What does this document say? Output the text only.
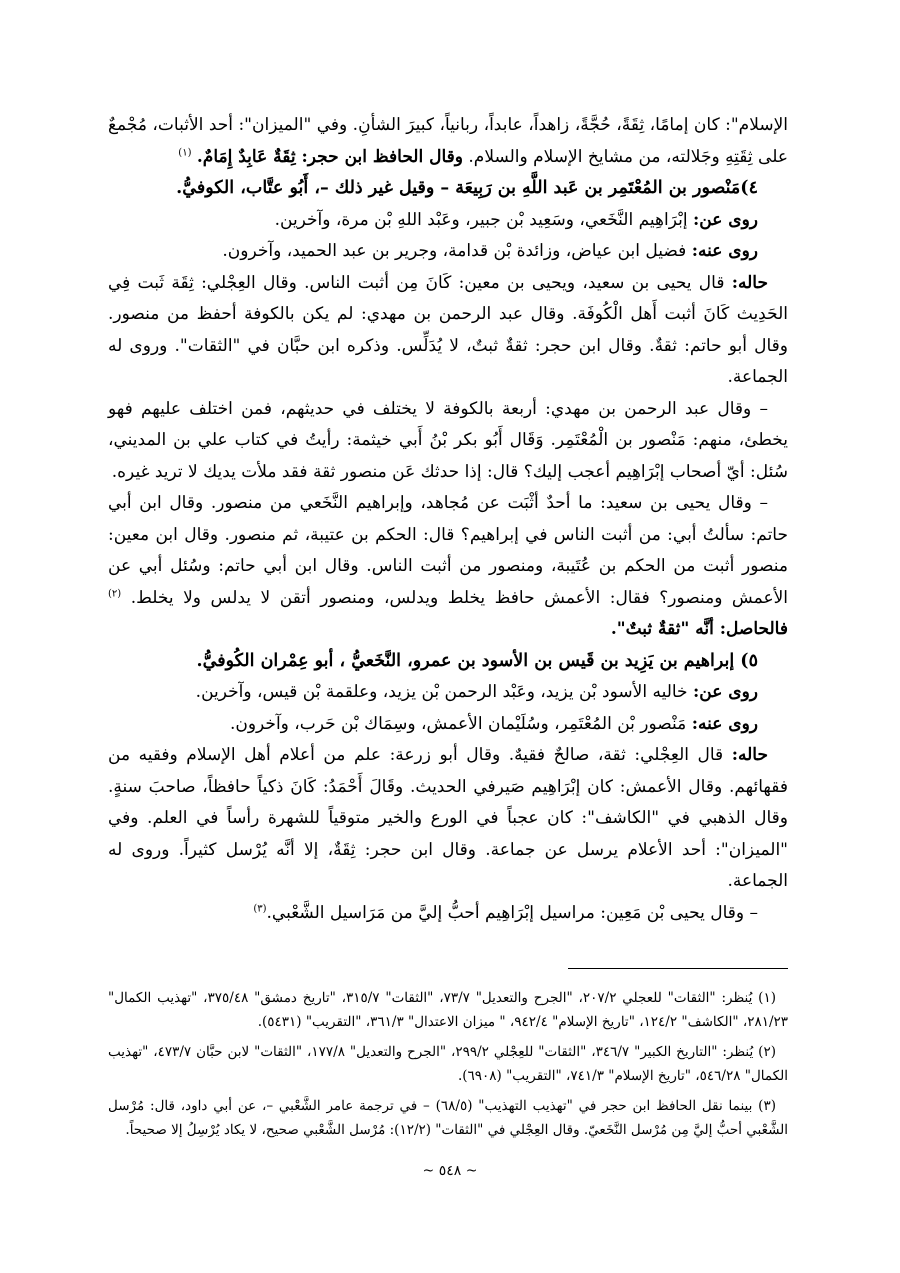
الإسلام": كان إمامًا، ثِقَةً، حُجَّةً، زاهداً، عابداً، ربانياً، كبيرَ الشأنِ. وفي "الميزان": أحد الأثبات، مُجْمعٌ على ثِقَتِهِ وجَلالته، من مشايخ الإسلام والسلام. وقال الحافظ ابن حجر: ثِقَةٌ عَابِدٌ إِمَامٌ. $^{(١)}$

٤)مَنْصور بن المُعْتَمِر بن عَبد اللَّهِ بن رَبِيعَة – وقيل غير ذلك –، أَبُو عتَّاب، الكوفيُّ.

روى عن: إبْرَاهِيم النَّخَعي، وسَعِيد بْن جبير، وعَبْد اللهِ بْن مرة، وآخرين.

روى عنه: فضيل ابن عياض، وزائدة بْن قدامة، وجرير بن عبد الحميد، وآخرون.

حاله: قال يحيى بن سعيد، ويحيى بن معين: كَانَ مِن أثبت الناس. وقال العِجْلي: ثِقَة ثَبت فِي الحَدِيث كَانَ أثبت أَهل الْكُوفَة. وقال عبد الرحمن بن مهدي: لم يكن بالكوفة أحفظ من منصور. وقال أبو حاتم: ثقةٌ. وقال ابن حجر: ثقةٌ ثبتٌ، لا يُدَلِّس. وذكره ابن حبَّان في "الثقات". وروى له الجماعة.

– وقال عبد الرحمن بن مهدي: أربعة بالكوفة لا يختلف في حديثهم، فمن اختلف عليهم فهو يخطئ، منهم: مَنْصور بن الْمُعْتَمِر. وَقَال أَبُو بكر بْنُ أَبي خيثمة: رأيتُ في كتاب علي بن المديني، سُئل: أيّ أصحاب إبْرَاهِيم أعجب إليك؟ قال: إذا حدثك عَن منصور ثقة فقد ملأت يديك لا تريد غيره.

– وقال يحيى بن سعيد: ما أحدٌ أثْبَت عن مُجاهد، وإبراهيم النَّخَعي من منصور. وقال ابن أبي حاتم: سألتُ أبي: من أثبت الناس في إبراهيم؟ قال: الحكم بن عتيبة، ثم منصور. وقال ابن معين: منصور أثبت من الحكم بن عُتَيبة، ومنصور من أثبت الناس. وقال ابن أبي حاتم: وسُئل أبي عن الأعمش ومنصور؟ فقال: الأعمش حافظ يخلط ويدلس، ومنصور أتقن لا يدلس ولا يخلط. $^{(٢)}$ فالحاصل: أنَّه "ثقةٌ ثبتٌ".

٥) إبراهيم بن يَزِيد بن قَيس بن الأسود بن عمرو، النَّخَعيُّ ، أبو عِمْران الكُوفيُّ.

روى عن: خاليه الأسود بْن يزيد، وعَبْد الرحمن بْن يزيد، وعلقمة بْن قيس، وآخرين.

روى عنه: مَنْصور بْن المُعْتَمِر، وسُلَيْمان الأعمش، وسِمَاك بْن حَرب، وآخرون.

حاله: قال العِجْلي: ثقة، صالحٌ فقيهٌ. وقال أبو زرعة: علم من أعلام أهل الإسلام وفقيه من فقهائهم. وقال الأعمش: كان إبْرَاهِيم صَيرفي الحديث. وقَالَ أَحْمَدُ: كَانَ ذكياً حافظاً، صاحبَ سنةٍ. وقال الذهبي في "الكاشف": كان عجباً في الورع والخير متوقياً للشهرة رأساً في العلم. وفي "الميزان": أحد الأعلام يرسل عن جماعة. وقال ابن حجر: ثِقَةٌ، إلا أنَّه يُرْسل كثيراً. وروى له الجماعة.

– وقال يحيى بْن مَعِين: مراسيل إبْرَاهِيم أحبُّ إليَّ من مَرَاسيل الشَّعْبي.$^{(٣)}$

(١) يُنظر: "الثقات" للعجلي ٢٠٧/٢، "الجرح والتعديل" ٧٣/٧، "الثقات" ٣١٥/٧، "تاريخ دمشق" ٣٧٥/٤٨، "تهذيب الكمال" ٢٨١/٢٣، "الكاشف" ١٢٤/٢، "تاريخ الإسلام" ٩٤٢/٤، " ميزان الاعتدال" ٣٦١/٣، "التقريب" (٥٤٣١).

(٢) يُنظر: "التاريخ الكبير" ٣٤٦/٧، "الثقات" للعِجْلي ٢٩٩/٢، "الجرح والتعديل" ١٧٧/٨، "الثقات" لابن حبَّان ٤٧٣/٧، "تهذيب الكمال" ٥٤٦/٢٨، "تاريخ الإسلام" ٧٤١/٣، "التقريب" (٦٩٠٨).

(٣) بينما نقل الحافظ ابن حجر في "تهذيب التهذيب" (٦٨/٥) – في ترجمة عامر الشَّعْبي –، عن أبي داود، قال: مُرْسل الشَّعْبي أحبُّ إليَّ مِن مُرْسل النَّخَعيّ. وقال العِجْلي في "الثقات" (١٢/٢): مُرْسل الشَّعْبي صحيح، لا يكاد يُرْسِلُ إلا صحيحاً.

~ ٥٤٨ ~
